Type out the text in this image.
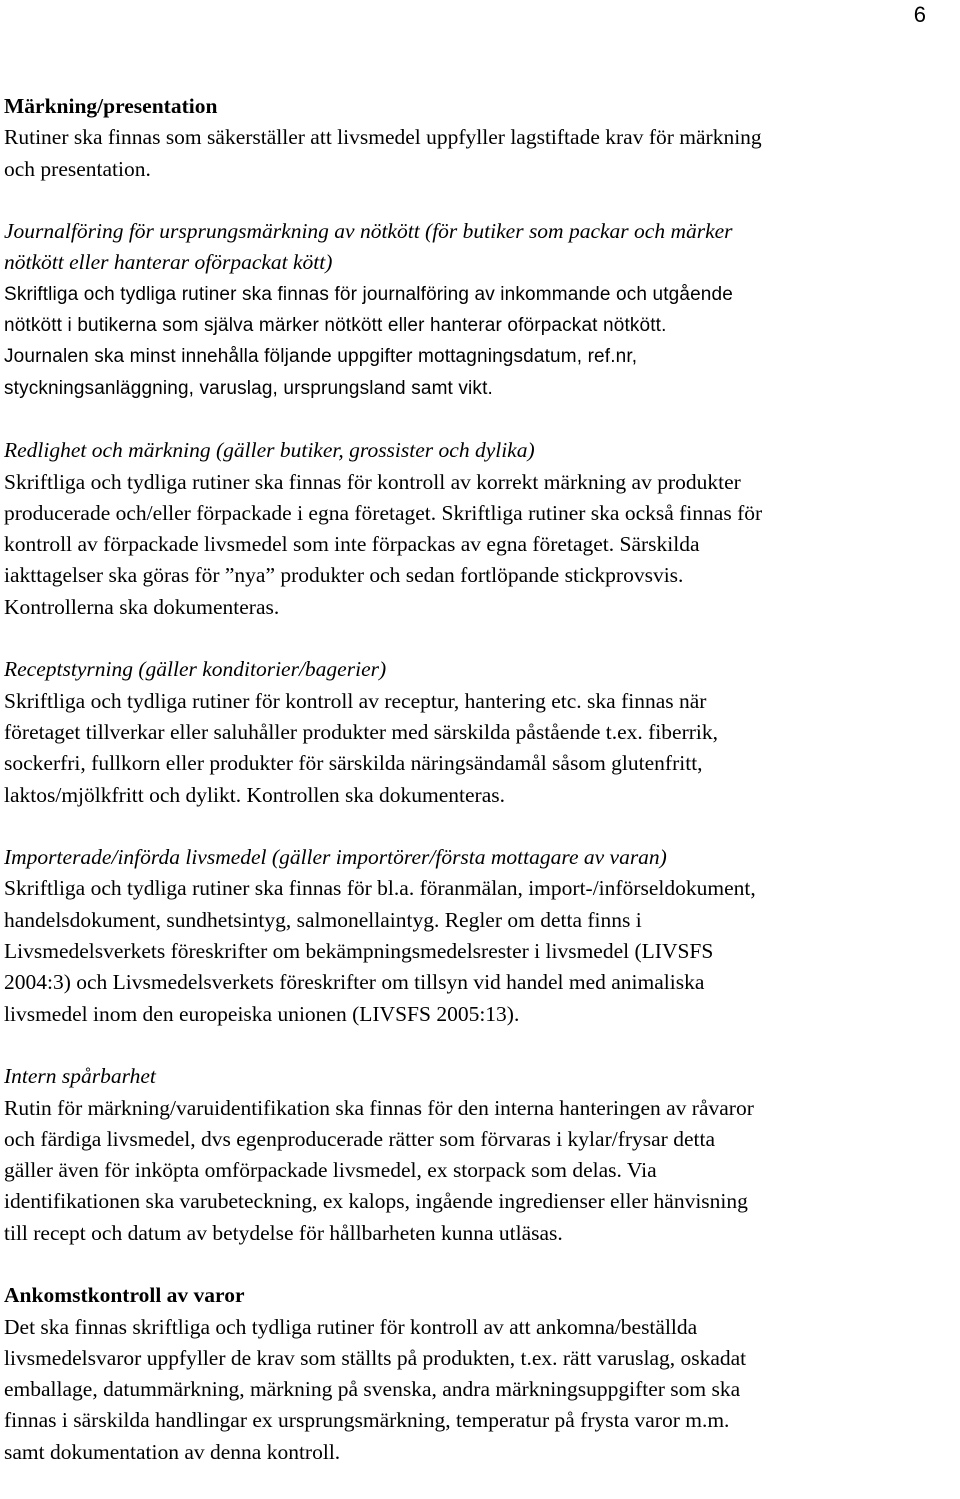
6
Märkning/presentation
Rutiner ska finnas som säkerställer att livsmedel uppfyller lagstiftade krav för märkning
och presentation.
Journalföring för ursprungsmärkning av nötkött (för butiker som packar och märker
nötkött eller hanterar oförpackat kött)
Skriftliga och tydliga rutiner ska finnas för journalföring av inkommande och utgående
nötkött i butikerna som själva märker nötkött eller hanterar oförpackat nötkött.
Journalen ska minst innehålla följande uppgifter mottagningsdatum, ref.nr,
styckningsanläggning, varuslag, ursprungsland samt vikt.
Redlighet och märkning (gäller butiker, grossister och dylika)
Skriftliga och tydliga rutiner ska finnas för kontroll av korrekt märkning av produkter
producerade och/eller förpackade i egna företaget. Skriftliga rutiner ska också finnas för
kontroll av förpackade livsmedel som inte förpackas av egna företaget. Särskilda
iakttagelser ska göras för ”nya” produkter och sedan fortlöpande stickprovsvis.
Kontrollerna ska dokumenteras.
Receptstyrning (gäller konditorier/bagerier)
Skriftliga och tydliga rutiner för kontroll av receptur, hantering etc. ska finnas när
företaget tillverkar eller saluhåller produkter med särskilda påstående t.ex. fiberrik,
sockerfri, fullkorn eller produkter för särskilda näringsändamål såsom glutenfritt,
laktos/mjölkfritt och dylikt. Kontrollen ska dokumenteras.
Importerade/införda livsmedel (gäller importörer/första mottagare av varan)
Skriftliga och tydliga rutiner ska finnas för bl.a. föranmälan, import-/införseldokument,
handelsdokument, sundhetsintyg, salmonellaintyg. Regler om detta finns i
Livsmedelsverkets föreskrifter om bekämpningsmedelsrester i livsmedel (LIVSFS
2004:3) och Livsmedelsverkets föreskrifter om tillsyn vid handel med animaliska
livsmedel inom den europeiska unionen (LIVSFS 2005:13).
Intern spårbarhet
Rutin för märkning/varuidentifikation ska finnas för den interna hanteringen av råvaror
och färdiga livsmedel, dvs egenproducerade rätter som förvaras i kylar/frysar detta
gäller även för inköpta omförpackade livsmedel, ex storpack som delas. Via
identifikationen ska varubeteckning, ex kalops, ingående ingredienser eller hänvisning
till recept och datum av betydelse för hållbarheten kunna utläsas.
Ankomstkontroll av varor
Det ska finnas skriftliga och tydliga rutiner för kontroll av att ankomna/beställda
livsmedelsvaror uppfyller de krav som ställts på produkten, t.ex. rätt varuslag, oskadat
emballage, datummärkning, märkning på svenska, andra märkningsuppgifter som ska
finnas i särskilda handlingar ex ursprungsmärkning, temperatur på frysta varor m.m.
samt dokumentation av denna kontroll.
